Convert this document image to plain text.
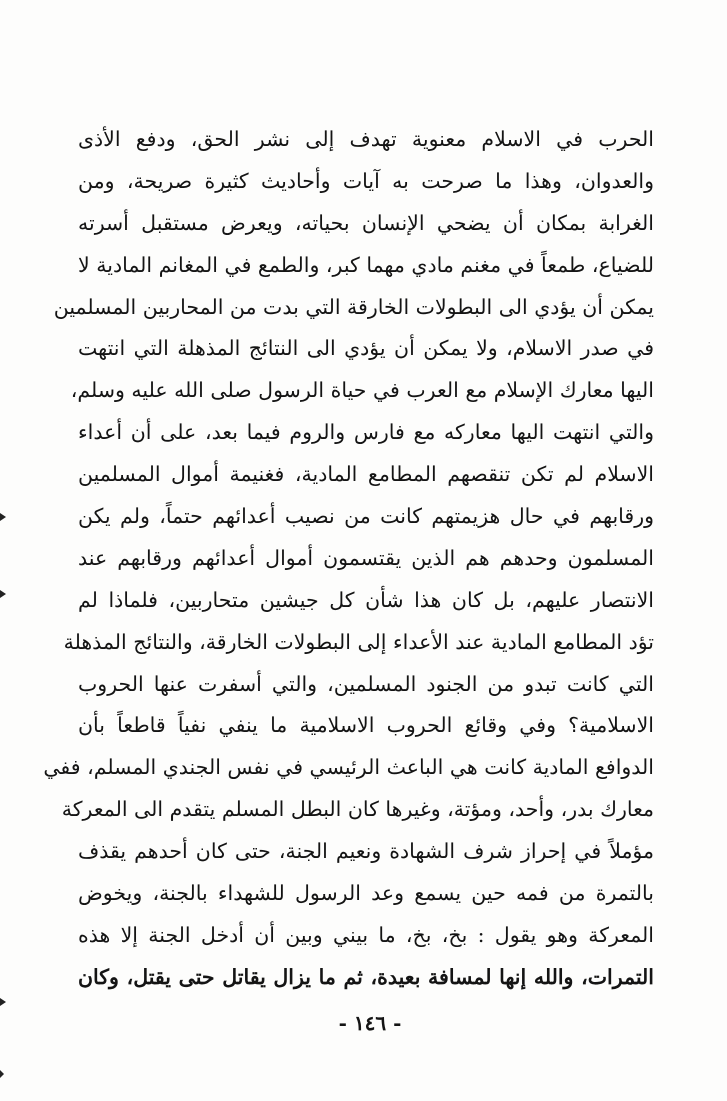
الحرب في الاسلام معنوية تهدف إلى نشر الحق، ودفع الأذى
والعدوان، وهذا ما صرحت به آيات وأحاديث كثيرة صريحة، ومن
الغرابة بمكان أن يضحي الإنسان بحياته، ويعرض مستقبل أسرته
للضياع، طمعاً في مغنم مادي مهما كبر، والطمع في المغانم المادية لا
يمكن أن يؤدي الى البطولات الخارقة التي بدت من المحاربين المسلمين
في صدر الاسلام، ولا يمكن أن يؤدي الى النتائج المذهلة التي انتهت
اليها معارك الإسلام مع العرب في حياة الرسول صلى الله عليه وسلم،
والتي انتهت اليها معاركه مع فارس والروم فيما بعد، على أن أعداء
الاسلام لم تكن تنقصهم المطامع المادية، فغنيمة أموال المسلمين
ورقابهم في حال هزيمتهم كانت من نصيب أعدائهم حتماً، ولم يكن
المسلمون وحدهم هم الذين يقتسمون أموال أعدائهم ورقابهم عند
الانتصار عليهم، بل كان هذا شأن كل جيشين متحاربين، فلماذا لم
تؤد المطامع المادية عند الأعداء إلى البطولات الخارقة، والنتائج المذهلة
التي كانت تبدو من الجنود المسلمين، والتي أسفرت عنها الحروب
الاسلامية؟ وفي وقائع الحروب الاسلامية ما ينفي نفياً قاطعاً بأن
الدوافع المادية كانت هي الباعث الرئيسي في نفس الجندي المسلم، ففي
معارك بدر، وأحد، ومؤتة، وغيرها كان البطل المسلم يتقدم الى المعركة
مؤملاً في إحراز شرف الشهادة ونعيم الجنة، حتى كان أحدهم يقذف
بالتمرة من فمه حين يسمع وعد الرسول للشهداء بالجنة، ويخوض
المعركة وهو يقول : بخ، بخ، ما بيني وبين أن أدخل الجنة إلا هذه
التمرات، والله إنها لمسافة بعيدة، ثم ما يزال يقاتل حتى يقتل، وكان
- ١٤٦ -
